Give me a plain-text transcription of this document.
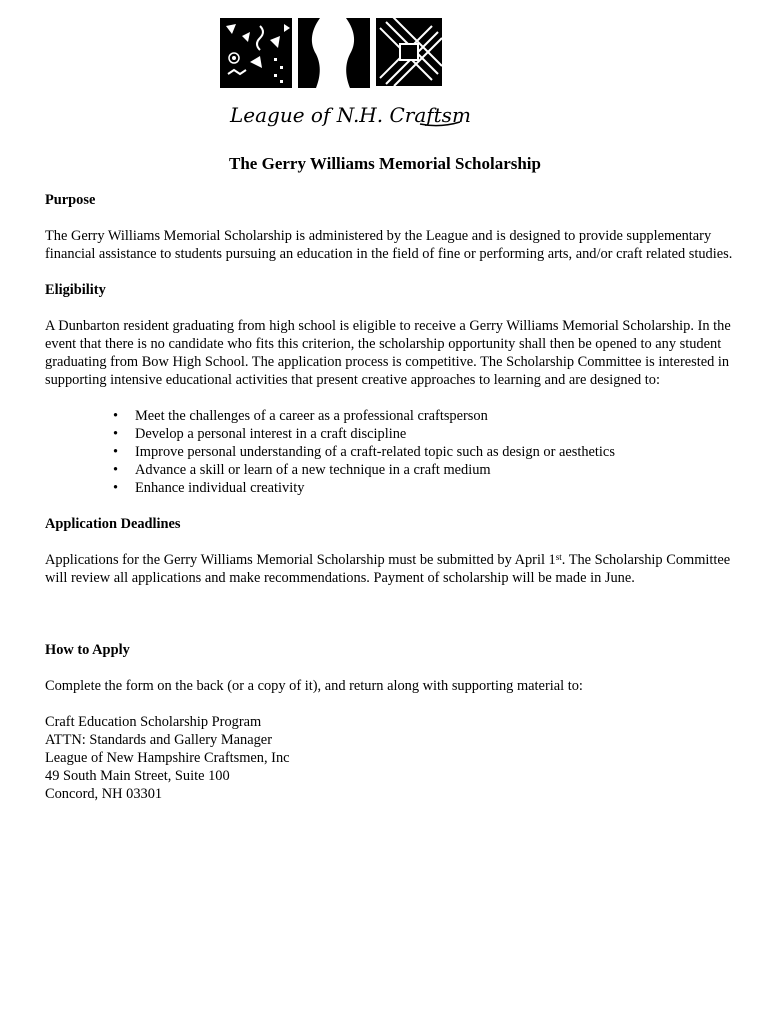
League of N.H. Craftsmen
The Gerry Williams Memorial Scholarship

Purpose

The Gerry Williams Memorial Scholarship is administered by the League and is designed to provide supplementary financial assistance to students pursuing an education in the field of fine or performing arts, and/or craft related studies.

Eligibility

A Dunbarton resident graduating from high school is eligible to receive a Gerry Williams Memorial Scholarship. In the event that there is no candidate who fits this criterion, the scholarship opportunity shall then be opened to any student graduating from Bow High School. The application process is competitive. The Scholarship Committee is interested in supporting intensive educational activities that present creative approaches to learning and are designed to:

• Meet the challenges of a career as a professional craftsperson
• Develop a personal interest in a craft discipline
• Improve personal understanding of a craft-related topic such as design or aesthetics
• Advance a skill or learn of a new technique in a craft medium
• Enhance individual creativity

Application Deadlines

Applications for the Gerry Williams Memorial Scholarship must be submitted by April 1st. The Scholarship Committee will review all applications and make recommendations. Payment of scholarship will be made in June.

How to Apply

Complete the form on the back (or a copy of it), and return along with supporting material to:

Craft Education Scholarship Program

ATTN: Standards and Gallery Manager

League of New Hampshire Craftsmen, Inc

49 South Main Street, Suite 100

Concord, NH 03301
